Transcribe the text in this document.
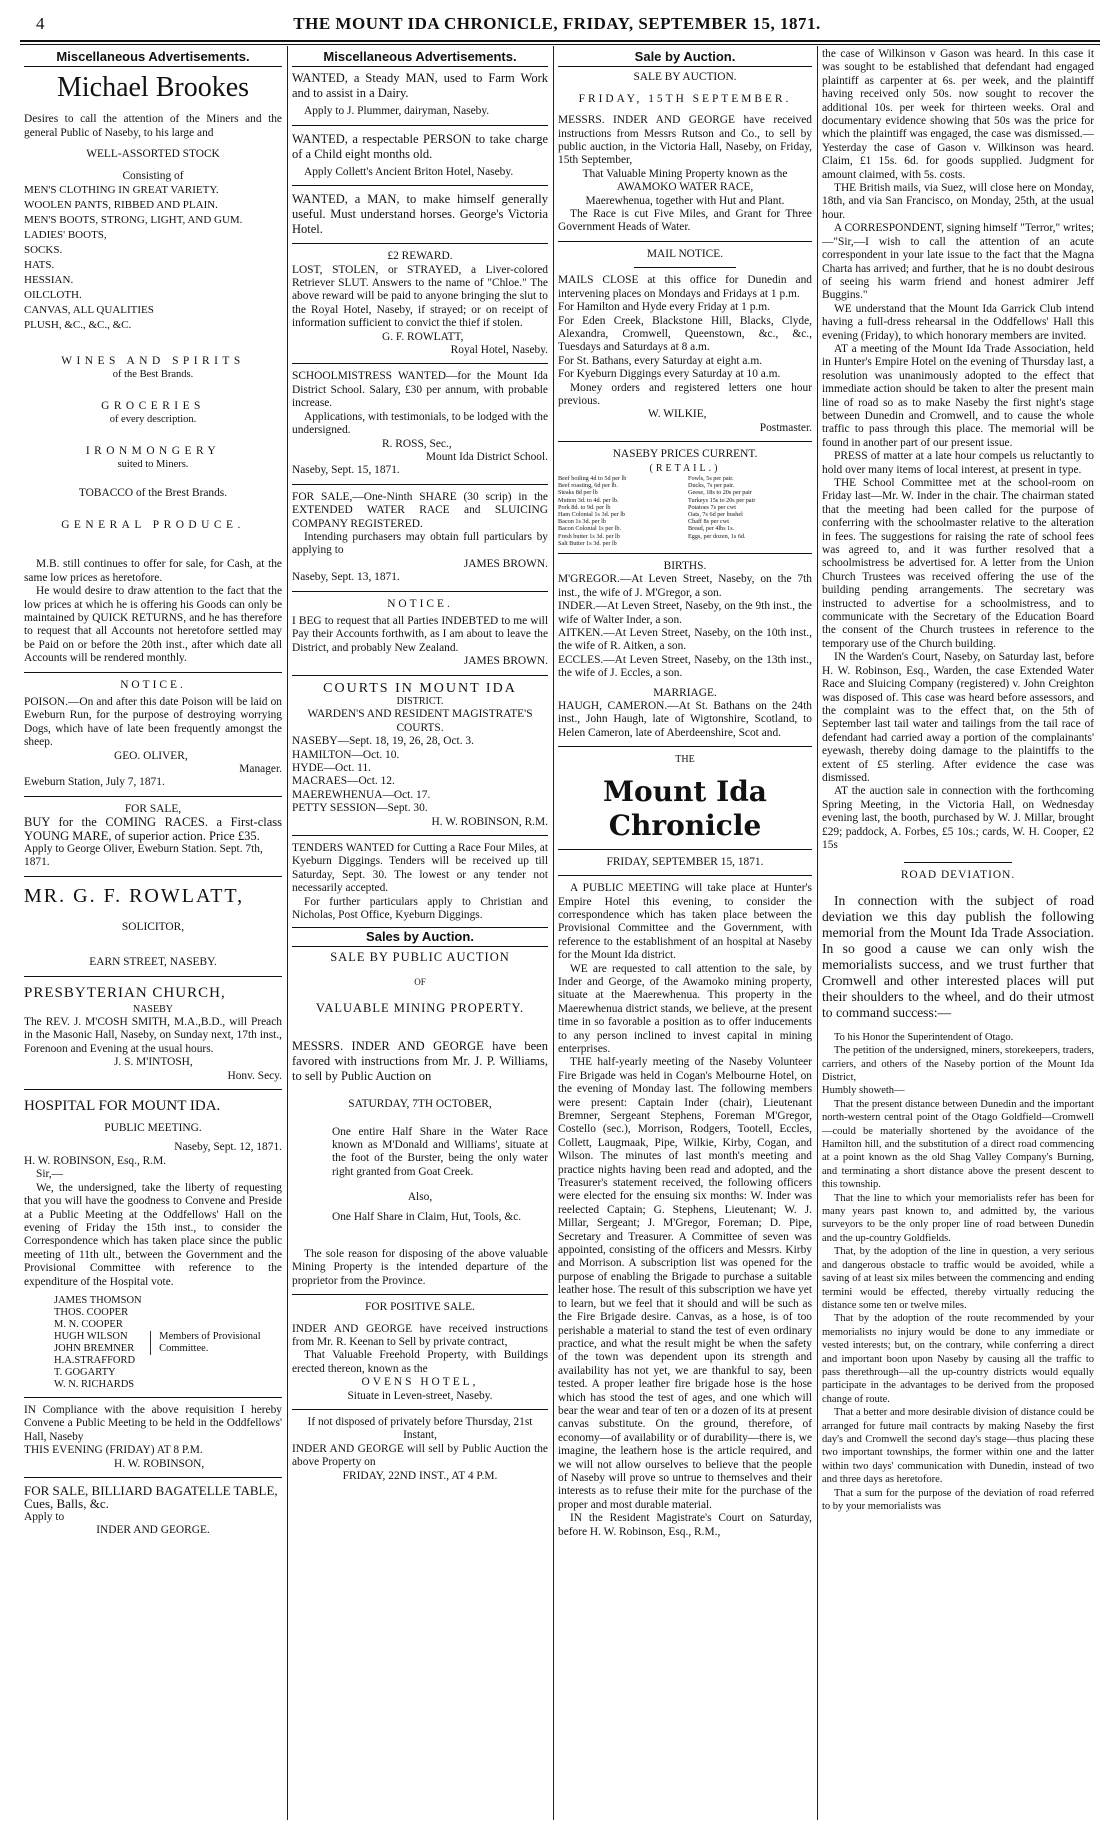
4	THE MOUNT IDA CHRONICLE, FRIDAY, SEPTEMBER 15, 1871.
Miscellaneous Advertisements.
Michael Brookes

Desires to call the attention of the Miners and the general Public of Naseby, to his large and

WELL-ASSORTED STOCK

Consisting of

MEN'S CLOTHING IN GREAT VARIETY.

WOOLEN PANTS, RIBBED AND PLAIN.

MEN'S BOOTS, STRONG, LIGHT, AND GUM.

LADIES' BOOTS,

SOCKS.

HATS.

HESSIAN.

OILCLOTH.

CANVAS, ALL QUALITIES

PLUSH, &C., &C., &C.

WINES AND SPIRITS

of the Best Brands.

GROCERIES

of every description.

IRONMONGERY

suited to Miners.

TOBACCO of the Brest Brands.

GENERAL PRODUCE.

M.B. still continues to offer for sale, for Cash, at the same low prices as heretofore.

He would desire to draw attention to the fact that the low prices at which he is offering his Goods can only be maintained by QUICK RETURNS, and he has therefore to request that all Accounts not heretofore settled may be Paid on or before the 20th inst., after which date all Accounts will be rendered monthly.

NOTICE.

POISON.—On and after this date Poison will be laid on Eweburn Run, for the purpose of destroying worrying Dogs, which have of late been frequently amongst the sheep.

GEO. OLIVER,

Manager.

Eweburn Station, July 7, 1871.

FOR SALE,

BUY for the COMING RACES. a First-class YOUNG MARE, of superior action. Price £35.

Apply to George Oliver, Eweburn Station. Sept. 7th, 1871.

MR. G. F. ROWLATT,

SOLICITOR,

EARN STREET, NASEBY.

PRESBYTERIAN CHURCH,

NASEBY

The REV. J. M'COSH SMITH, M.A.,B.D., will Preach in the Masonic Hall, Naseby, on Sunday next, 17th inst., Forenoon and Evening at the usual hours.

J. S. M'INTOSH,

Honv. Secy.

HOSPITAL FOR MOUNT IDA.

PUBLIC MEETING.

Naseby, Sept. 12, 1871.

H. W. ROBINSON, Esq., R.M.

Sir,—

We, the undersigned, take the liberty of requesting that you will have the goodness to Convene and Preside at a Public Meeting at the Oddfellows' Hall on the evening of Friday the 15th inst., to consider the Correspondence which has taken place since the public meeting of 11th ult., between the Government and the Provisional Committee with reference to the expenditure of the Hospital vote.

JAMES THOMSON

THOS. COOPER

M. N. COOPER

HUGH WILSON

JOHN BREMNER

H.A.STRAFFORD

T. GOGARTY

W. N. RICHARDS

Members of Provisional Committee.

IN Compliance with the above requisition I hereby Convene a Public Meeting to be held in the Oddfellows' Hall, Naseby

THIS EVENING (FRIDAY) AT 8 P.M.

H. W. ROBINSON,

FOR SALE, BILLIARD BAGATELLE TABLE, Cues, Balls, &c.

Apply to

INDER AND GEORGE.

Miscellaneous Advertisements.

WANTED, a Steady MAN, used to Farm Work and to assist in a Dairy.

Apply to J. Plummer, dairyman, Naseby.

WANTED, a respectable PERSON to take charge of a Child eight months old.

Apply Collett's Ancient Briton Hotel, Naseby.

WANTED, a MAN, to make himself generally useful. Must understand horses. George's Victoria Hotel.

£2 REWARD.

LOST, STOLEN, or STRAYED, a Liver-colored Retriever SLUT. Answers to the name of "Chloe." The above reward will be paid to anyone bringing the slut to the Royal Hotel, Naseby, if strayed; or on receipt of information sufficient to convict the thief if stolen.

G. F. ROWLATT,

Royal Hotel, Naseby.

SCHOOLMISTRESS WANTED—for the Mount Ida District School. Salary, £30 per annum, with probable increase.

Applications, with testimonials, to be lodged with the undersigned.

R. ROSS, Sec.,

Mount Ida District School.

Naseby, Sept. 15, 1871.

FOR SALE,—One-Ninth SHARE (30 scrip) in the EXTENDED WATER RACE and SLUICING COMPANY REGISTERED.

Intending purchasers may obtain full particulars by applying to

JAMES BROWN.

Naseby, Sept. 13, 1871.

NOTICE.

I BEG to request that all Parties INDEBTED to me will Pay their Accounts forthwith, as I am about to leave the District, and probably New Zealand.

JAMES BROWN.

COURTS IN MOUNT IDA

DISTRICT.

WARDEN'S AND RESIDENT MAGISTRATE'S COURTS.

NASEBY—Sept. 18, 19, 26, 28, Oct. 3.

HAMILTON—Oct. 10.

HYDE—Oct. 11.

MACRAES—Oct. 12.

MAEREWHENUA—Oct. 17.

PETTY SESSION—Sept. 30.

H. W. ROBINSON, R.M.

TENDERS WANTED for Cutting a Race Four Miles, at Kyeburn Diggings. Tenders will be received up till Saturday, Sept. 30. The lowest or any tender not necessarily accepted.

For further particulars apply to Christian and Nicholas, Post Office, Kyeburn Diggings.

Sales by Auction.

SALE BY PUBLIC AUCTION

OF

VALUABLE MINING PROPERTY.

MESSRS. INDER AND GEORGE have been favored with instructions from Mr. J. P. Williams, to sell by Public Auction on

SATURDAY, 7TH OCTOBER,

One entire Half Share in the Water Race known as M'Donald and Williams', situate at the foot of the Burster, being the only water right granted from Goat Creek.

Also,

One Half Share in Claim, Hut, Tools, &c.

The sole reason for disposing of the above valuable Mining Property is the intended departure of the proprietor from the Province.

FOR POSITIVE SALE.

INDER AND GEORGE have received instructions from Mr. R. Keenan to Sell by private contract,

That Valuable Freehold Property, with Buildings erected thereon, known as the

OVENS HOTEL,

Situate in Leven-street, Naseby.

If not disposed of privately before Thursday, 21st Instant,

INDER AND GEORGE will sell by Public Auction the above Property on

FRIDAY, 22ND INST., AT 4 P.M.

Sale by Auction.

SALE BY AUCTION.

FRIDAY, 15TH SEPTEMBER.

MESSRS. INDER AND GEORGE have received instructions from Messrs Rutson and Co., to sell by public auction, in the Victoria Hall, Naseby, on Friday, 15th September,

That Valuable Mining Property known as the

AWAMOKO WATER RACE,

Maerewhenua, together with Hut and Plant.

The Race is cut Five Miles, and Grant for Three Government Heads of Water.

MAIL NOTICE.

MAILS CLOSE at this office for Dunedin and intervening places on Mondays and Fridays at 1 p.m.

For Hamilton and Hyde every Friday at 1 p.m.

For Eden Creek, Blackstone Hill, Blacks, Clyde, Alexandra, Cromwell, Queenstown, &c., &c., Tuesdays and Saturdays at 8 a.m.

For St. Bathans, every Saturday at eight a.m.

For Kyeburn Diggings every Saturday at 10 a.m.

Money orders and registered letters one hour previous.

W. WILKIE,

Postmaster.

NASEBY PRICES CURRENT.

(RETAIL.)

Beef boiling 4d to 5d per lb

Beef roasting, 6d per lb.

Steaks 8d per lb

Mutton 3d. to 4d. per lb.

Pork 8d. to 9d. per lb

Ham Colonial 1s 3d. per lb

Bacon 1s 3d. per lb

Bacon Colonial 1s per lb.

Fresh butter 1s 3d. per lb

Salt Butter 1s 3d. per lb

Fowls, 5s per pair.

Ducks, 7s per pair.

Geese, 18s to 20s per pair

Turkeys 15s to 20s per pair

Potatoes 7s per cwt

Oats, 7s 6d per bushel

Chaff 8s per cwt

Bread, per 4lbs 1s.

Eggs, per dozen, 1s 6d.

BIRTHS.

M'GREGOR.—At Leven Street, Naseby, on the 7th inst., the wife of J. M'Gregor, a son.

INDER.—At Leven Street, Naseby, on the 9th inst., the wife of Walter Inder, a son.

AITKEN.—At Leven Street, Naseby, on the 10th inst., the wife of R. Aitken, a son.

ECCLES.—At Leven Street, Naseby, on the 13th inst., the wife of J. Eccles, a son.

MARRIAGE.

HAUGH, CAMERON.—At St. Bathans on the 24th inst., John Haugh, late of Wigtonshire, Scotland, to Helen Cameron, late of Aberdeenshire, Scot and.

THE

Mount Ida Chronicle

FRIDAY, SEPTEMBER 15, 1871.

A PUBLIC MEETING will take place at Hunter's Empire Hotel this evening, to consider the correspondence which has taken place between the Provisional Committee and the Government, with reference to the establishment of an hospital at Naseby for the Mount Ida district.

WE are requested to call attention to the sale, by Inder and George, of the Awamoko mining property, situate at the Maerewhenua. This property in the Maerewhenua district stands, we believe, at the present time in so favorable a position as to offer inducements to any person inclined to invest capital in mining enterprises.

THE half-yearly meeting of the Naseby Volunteer Fire Brigade was held in Cogan's Melbourne Hotel, on the evening of Monday last. The following members were present: Captain Inder (chair), Lieutenant Bremner, Sergeant Stephens, Foreman M'Gregor, Costello (sec.), Morrison, Rodgers, Tootell, Eccles, Collett, Laugmaak, Pipe, Wilkie, Kirby, Cogan, and Wilson. The minutes of last month's meeting and practice nights having been read and adopted, and the Treasurer's statement received, the following officers were elected for the ensuing six months: W. Inder was reelected Captain; G. Stephens, Lieutenant; W. J. Millar, Sergeant; J. M'Gregor, Foreman; D. Pipe, Secretary and Treasurer. A Committee of seven was appointed, consisting of the officers and Messrs. Kirby and Morrison. A subscription list was opened for the purpose of enabling the Brigade to purchase a suitable leather hose. The result of this subscription we have yet to learn, but we feel that it should and will be such as the Fire Brigade desire. Canvas, as a hose, is of too perishable a material to stand the test of even ordinary practice, and what the result might be when the safety of the town was dependent upon its strength and availability has not yet, we are thankful to say, been tested. A proper leather fire brigade hose is the hose which has stood the test of ages, and one which will bear the wear and tear of ten or a dozen of its at present canvas substitute. On the ground, therefore, of economy—of availability or of durability—there is, we imagine, the leathern hose is the article required, and we will not allow ourselves to believe that the people of Naseby will prove so untrue to themselves and their interests as to refuse their mite for the purchase of the proper and most durable material.

IN the Resident Magistrate's Court on Saturday, before H. W. Robinson, Esq., R.M.,

the case of Wilkinson v Gason was heard. In this case it was sought to be established that defendant had engaged plaintiff as carpenter at 6s. per week, and the plaintiff having received only 50s. now sought to recover the additional 10s. per week for thirteen weeks. Oral and documentary evidence showing that 50s was the price for which the plaintiff was engaged, the case was dismissed.—Yesterday the case of Gason v. Wilkinson was heard. Claim, £1 15s. 6d. for goods supplied. Judgment for amount claimed, with 5s. costs.

THE British mails, via Suez, will close here on Monday, 18th, and via San Francisco, on Monday, 25th, at the usual hour.

A CORRESPONDENT, signing himself "Terror," writes;—"Sir,—I wish to call the attention of an acute correspondent in your late issue to the fact that the Magna Charta has arrived; and further, that he is no doubt desirous of seeing his warm friend and honest admirer Jeff Buggins."

WE understand that the Mount Ida Garrick Club intend having a full-dress rehearsal in the Oddfellows' Hall this evening (Friday), to which honorary members are invited.

AT a meeting of the Mount Ida Trade Association, held in Hunter's Empire Hotel on the evening of Thursday last, a resolution was unanimously adopted to the effect that immediate action should be taken to alter the present main line of road so as to make Naseby the first night's stage between Dunedin and Cromwell, and to cause the whole traffic to pass through this place. The memorial will be found in another part of our present issue.

PRESS of matter at a late hour compels us reluctantly to hold over many items of local interest, at present in type.

THE School Committee met at the school-room on Friday last—Mr. W. Inder in the chair. The chairman stated that the meeting had been called for the purpose of conferring with the schoolmaster relative to the alteration in fees. The suggestions for raising the rate of school fees was agreed to, and it was further resolved that a schoolmistress be advertised for. A letter from the Union Church Trustees was received offering the use of the building pending arrangements. The secretary was instructed to advertise for a schoolmistress, and to communicate with the Secretary of the Education Board the consent of the Church trustees in reference to the temporary use of the Church building.

IN the Warden's Court, Naseby, on Saturday last, before H. W. Robinson, Esq., Warden, the case Extended Water Race and Sluicing Company (registered) v. John Creighton was disposed of. This case was heard before assessors, and the complaint was to the effect that, on the 5th of September last tail water and tailings from the tail race of defendant had carried away a portion of the complainants' eyewash, thereby doing damage to the plaintiffs to the extent of £5 sterling. After evidence the case was dismissed.

AT the auction sale in connection with the forthcoming Spring Meeting, in the Victoria Hall, on Wednesday evening last, the booth, purchased by W. J. Millar, brought £29; paddock, A. Forbes, £5 10s.; cards, W. H. Cooper, £2 15s

ROAD DEVIATION.

In connection with the subject of road deviation we this day publish the following memorial from the Mount Ida Trade Association. In so good a cause we can only wish the memorialists success, and we trust further that Cromwell and other interested places will put their shoulders to the wheel, and do their utmost to command success:—

To his Honor the Superintendent of Otago.

The petition of the undersigned, miners, storekeepers, traders, carriers, and others of the Naseby portion of the Mount Ida District,

Humbly showeth—

That the present distance between Dunedin and the important north-western central point of the Otago Goldfield—Cromwell—could be materially shortened by the avoidance of the Hamilton hill, and the substitution of a direct road commencing at a point known as the old Shag Valley Company's Burning, and terminating a short distance above the present descent to this township.

That the line to which your memorialists refer has been for many years past known to, and admitted by, the various surveyors to be the only proper line of road between Dunedin and the up-country Goldfields.

That, by the adoption of the line in question, a very serious and dangerous obstacle to traffic would be avoided, while a saving of at least six miles between the commencing and ending termini would be effected, thereby virtually reducing the distance some ten or twelve miles.

That by the adoption of the route recommended by your memorialists no injury would be done to any immediate or vested interests; but, on the contrary, while conferring a direct and important boon upon Naseby by causing all the traffic to pass therethrough—all the up-country districts would equally participate in the advantages to be derived from the proposed change of route.

That a better and more desirable division of distance could be arranged for future mail contracts by making Naseby the first day's and Cromwell the second day's stage—thus placing these two important townships, the former within one and the latter within two days' communication with Dunedin, instead of two and three days as heretofore.

That a sum for the purpose of the deviation of road referred to by your memorialists was
